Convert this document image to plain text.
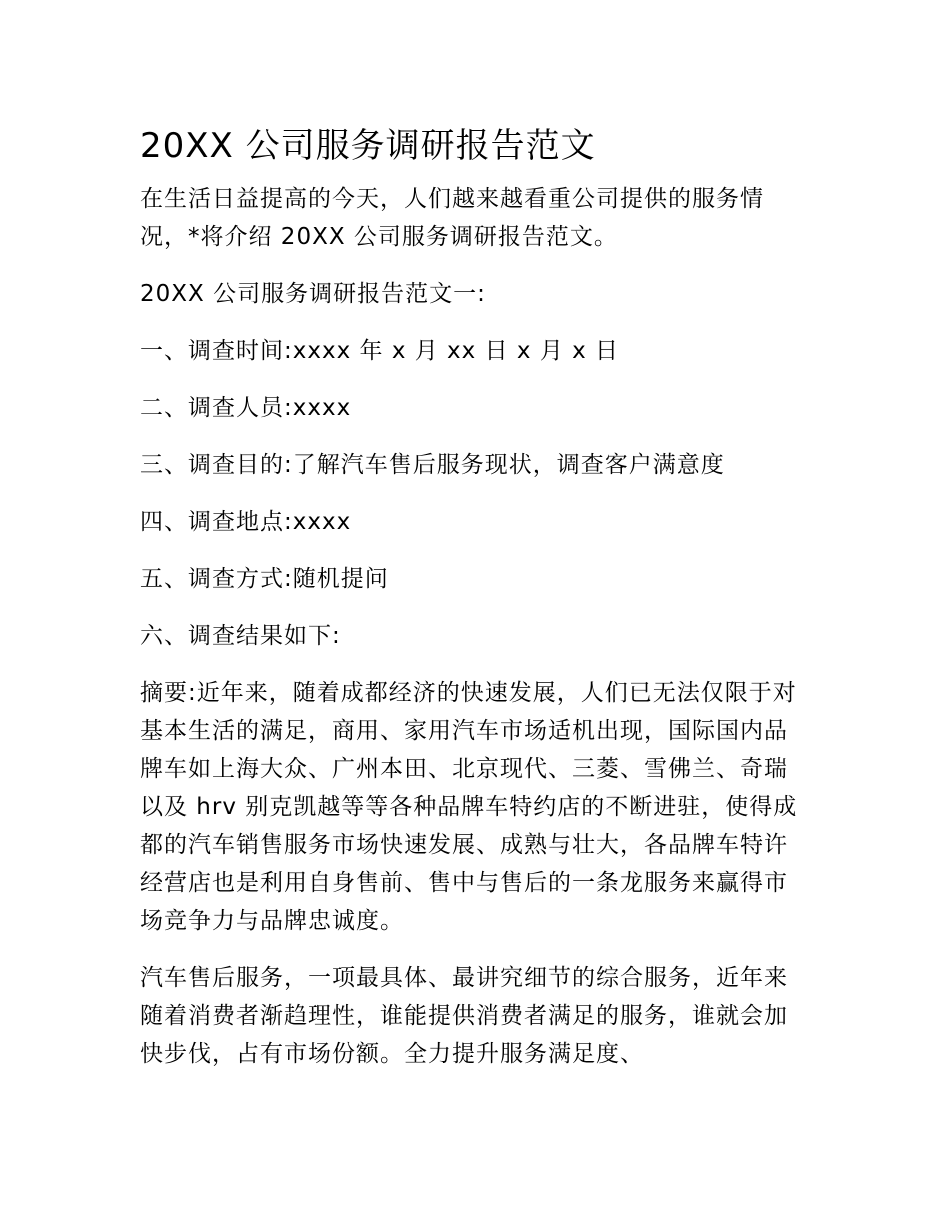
20XX 公司服务调研报告范文

在生活日益提高的今天，人们越来越看重公司提供的服务情况，*将介绍 20XX 公司服务调研报告范文。

20XX 公司服务调研报告范文一:

一、调查时间:xxxx 年 x 月 xx 日 x 月 x 日

二、调查人员:xxxx

三、调查目的:了解汽车售后服务现状，调查客户满意度

四、调查地点:xxxx

五、调查方式:随机提问

六、调查结果如下:

摘要:近年来，随着成都经济的快速发展，人们已无法仅限于对基本生活的满足，商用、家用汽车市场适机出现，国际国内品牌车如上海大众、广州本田、北京现代、三菱、雪佛兰、奇瑞以及 hrv 别克凯越等等各种品牌车特约店的不断进驻，使得成都的汽车销售服务市场快速发展、成熟与壮大，各品牌车特许经营店也是利用自身售前、售中与售后的一条龙服务来赢得市场竞争力与品牌忠诚度。

汽车售后服务，一项最具体、最讲究细节的综合服务，近年来随着消费者渐趋理性，谁能提供消费者满足的服务，谁就会加快步伐，占有市场份额。全力提升服务满足度、
